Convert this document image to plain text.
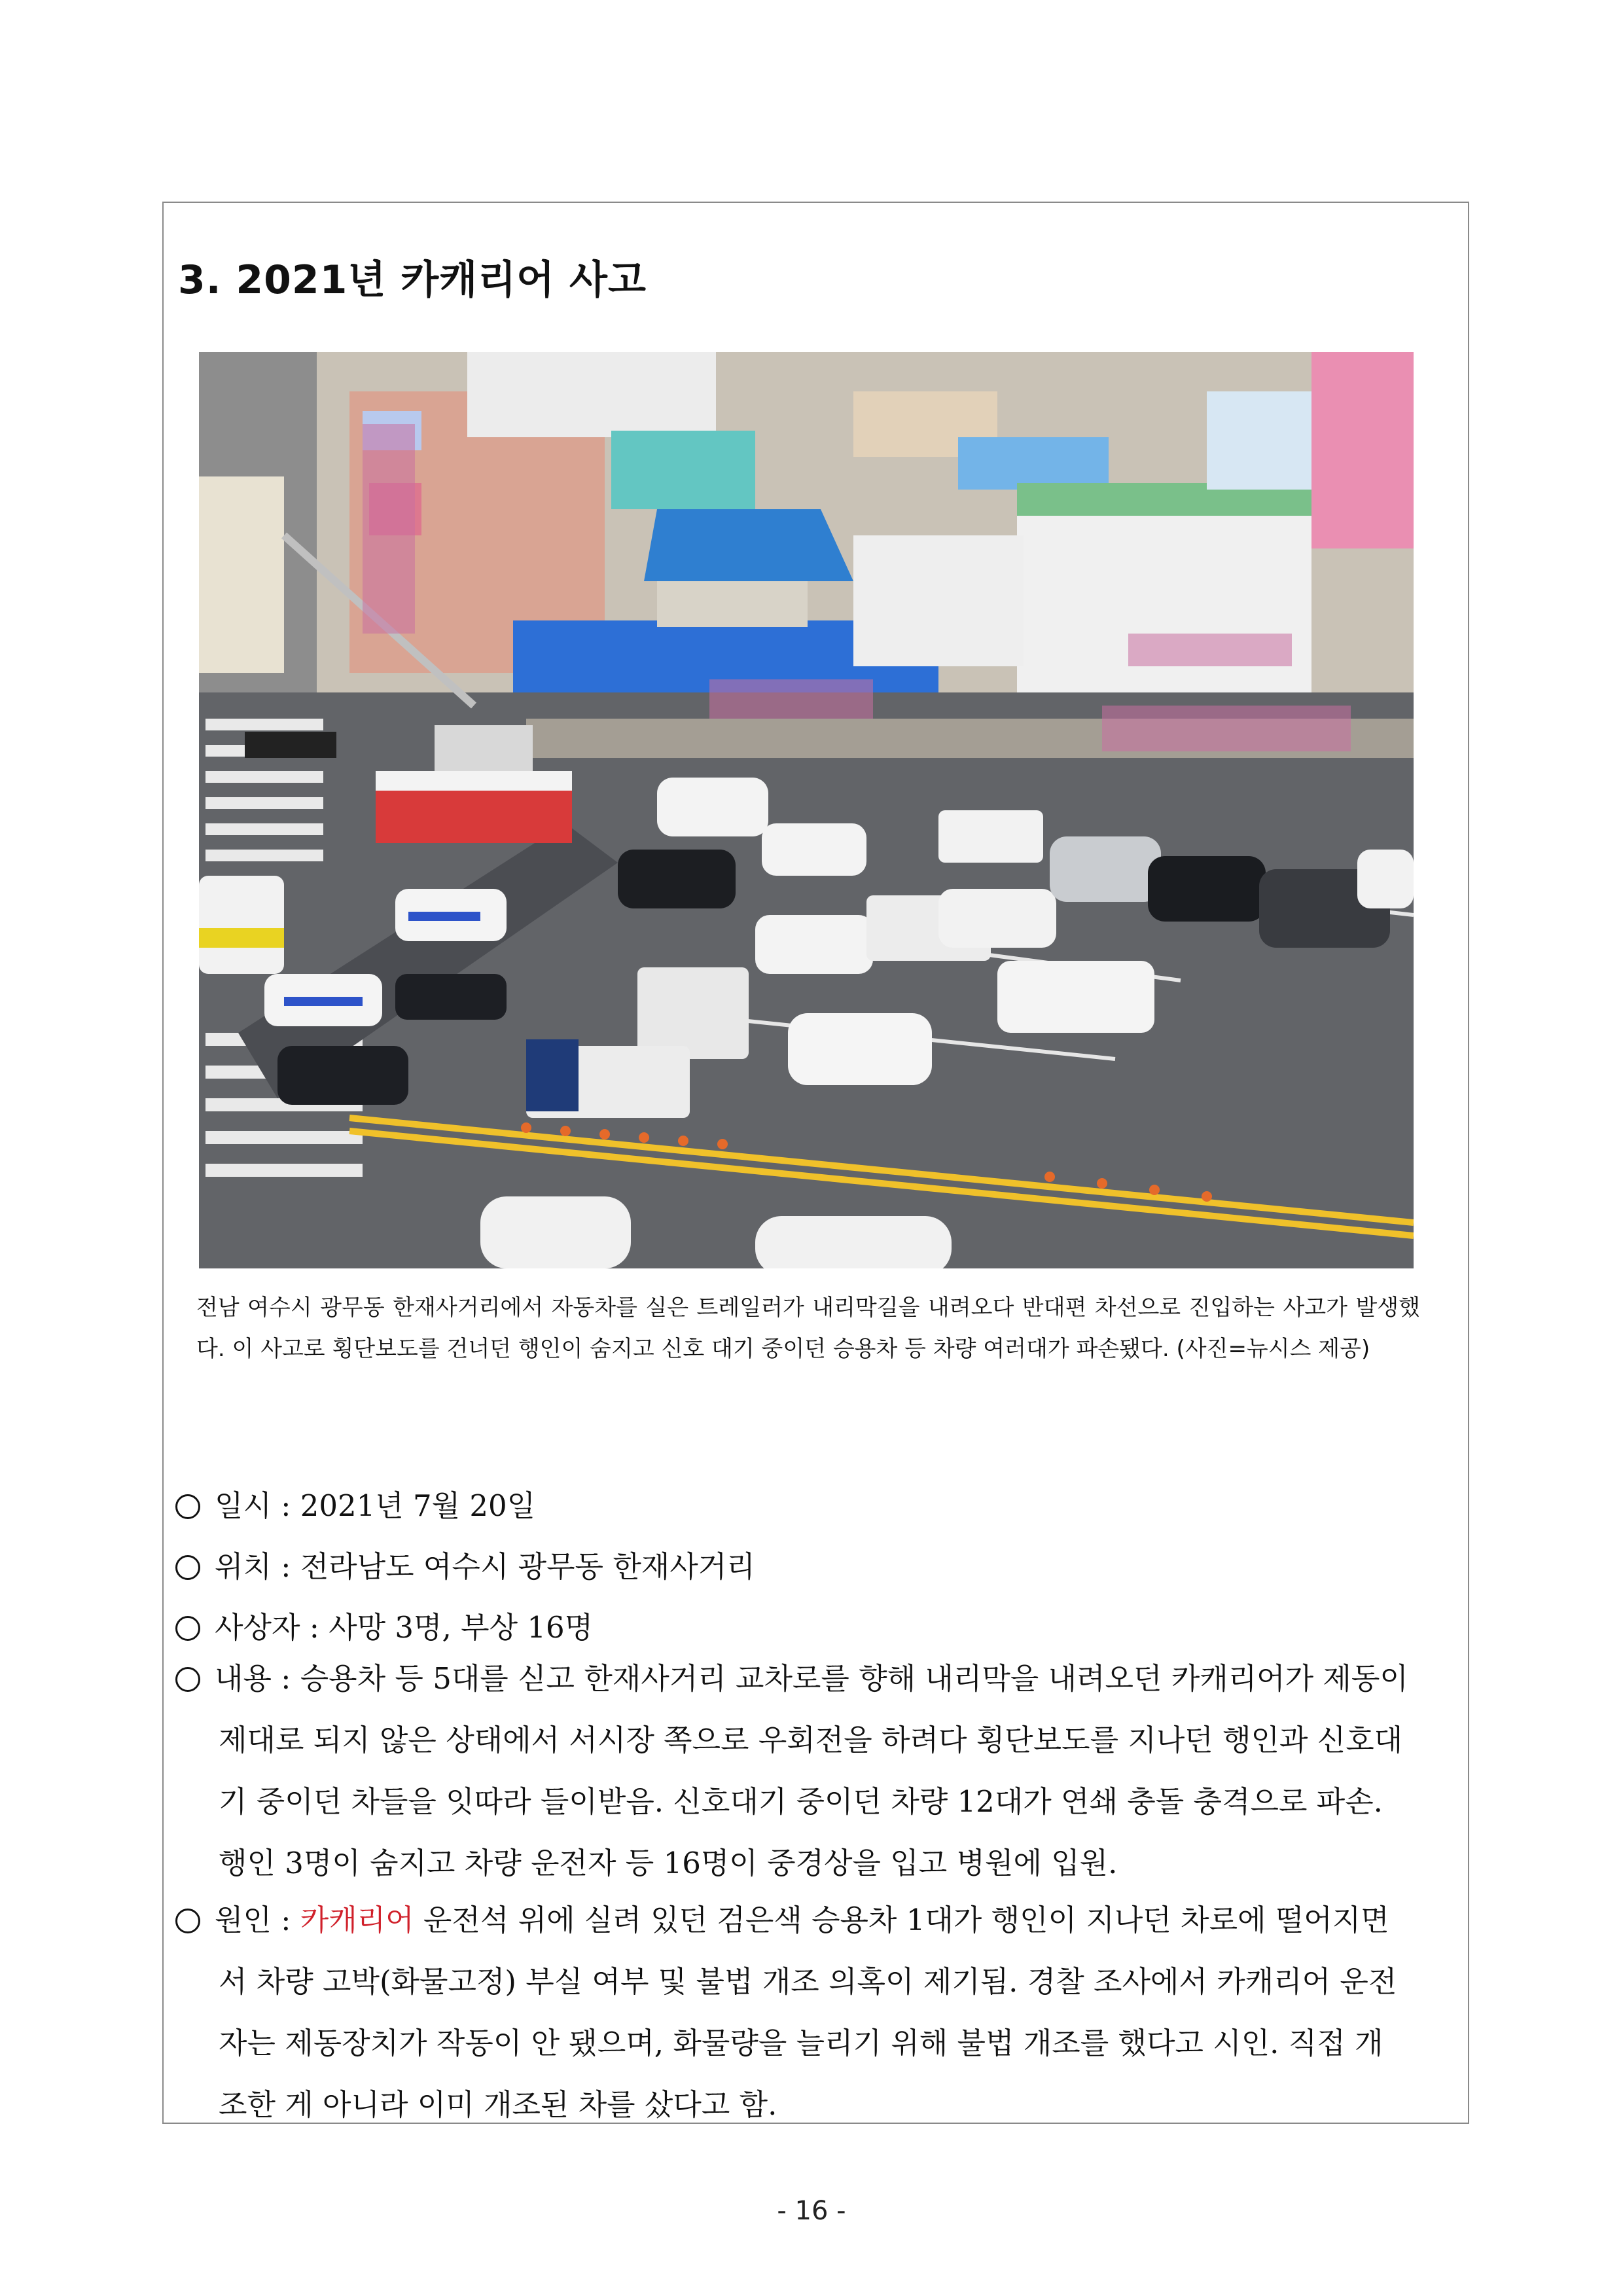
3. 2021년 카캐리어 사고
전남 여수시 광무동 한재사거리에서 자동차를 실은 트레일러가 내리막길을 내려오다 반대편 차선으로 진입하는 사고가 발생했다. 이 사고로 횡단보도를 건너던 행인이 숨지고 신호 대기 중이던 승용차 등 차량 여러대가 파손됐다. (사진=뉴시스 제공)
일시 : 2021년 7월 20일
위치 : 전라남도 여수시 광무동 한재사거리
사상자 : 사망 3명, 부상 16명
내용 : 승용차 등 5대를 싣고 한재사거리 교차로를 향해 내리막을 내려오던 카캐리어가 제동이
제대로 되지 않은 상태에서 서시장 쪽으로 우회전을 하려다 횡단보도를 지나던 행인과 신호대
기 중이던 차들을 잇따라 들이받음. 신호대기 중이던 차량 12대가 연쇄 충돌 충격으로 파손.
행인 3명이 숨지고 차량 운전자 등 16명이 중경상을 입고 병원에 입원.
원인 : 카캐리어 운전석 위에 실려 있던 검은색 승용차 1대가 행인이 지나던 차로에 떨어지면
서 차량 고박(화물고정) 부실 여부 및 불법 개조 의혹이 제기됨. 경찰 조사에서 카캐리어 운전
자는 제동장치가 작동이 안 됐으며, 화물량을 늘리기 위해 불법 개조를 했다고 시인. 직접 개
조한 게 아니라 이미 개조된 차를 샀다고 함.
- 16 -
